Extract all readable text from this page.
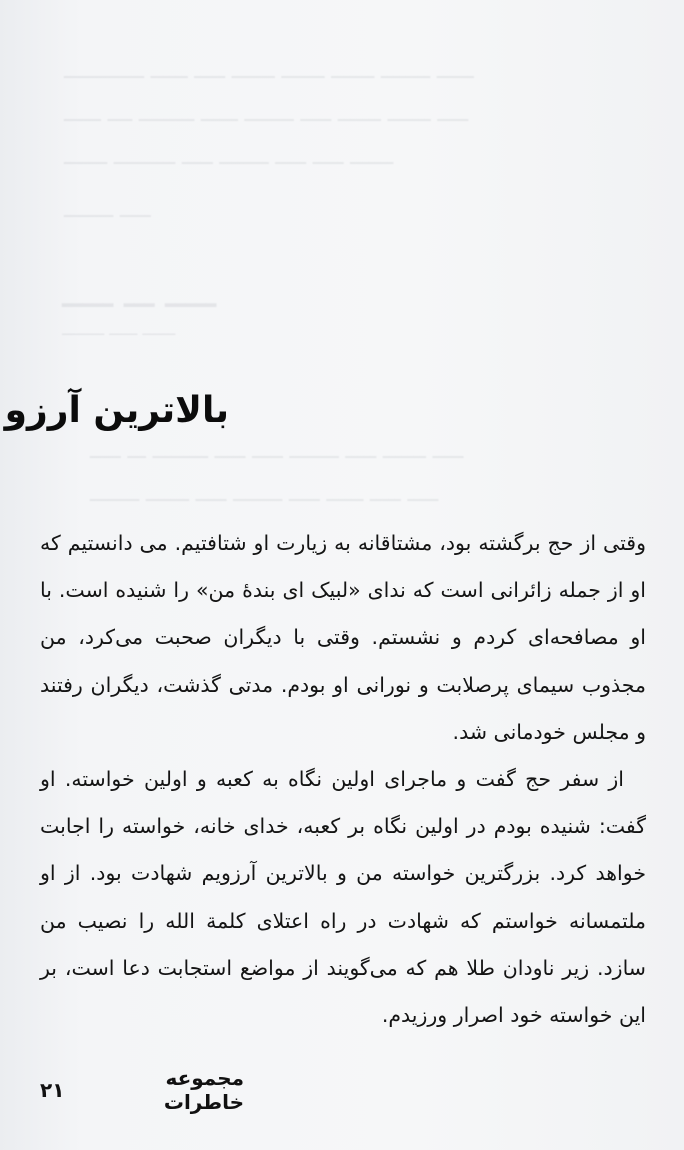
ـــــــــــــ ــــــ ـــــ ـــــــ ـــــــ ـــــــ ــــــــ ــــــ
ــــــ ــــ ـــــــــ ــــــ ــــــــ ـــــ ـــــــ ـــــــ ـــــ
ـــــــ ــــــــــ ـــــ ــــــــ ـــــ ـــــ ـــــــ
ــــــــ ـــــ
ـــــ ـــ ـــــ
ـــــــــ ــــــ ـــــــ
ـــــ ـــ ـــــــــ ـــــ ـــــ ــــــــ ـــــ ـــــــ ـــــ
ــــــــ ـــــــ ـــــ ــــــــ ـــــ ــــــ ـــــ ـــــ
بالاترین آرزو

وقتی از حج برگشته بود، مشتاقانه به زیارت او شتافتیم. می دانستیم که او از جمله زائرانی است که ندای «لبیک ای بندهٔ من» را شنیده است. با او مصافحه‌ای کردم و نشستم. وقتی با دیگران صحبت می‌کرد، من مجذوب سیمای پرصلابت و نورانی او بودم. مدتی گذشت، دیگران رفتند و مجلس خودمانی شد.

از سفر حج گفت و ماجرای اولین نگاه به کعبه و اولین خواسته. او گفت: شنیده بودم در اولین نگاه بر کعبه، خدای خانه، خواسته را اجابت خواهد کرد. بزرگترین خواسته من و بالاترین آرزویم شهادت بود. از او ملتمسانه خواستم که شهادت در راه اعتلای کلمة الله را نصیب من سازد. زیر ناودان طلا هم که می‌گویند از مواضع استجابت دعا است، بر این خواسته خود اصرار ورزیدم.

مجموعه خاطرات
۲۱
